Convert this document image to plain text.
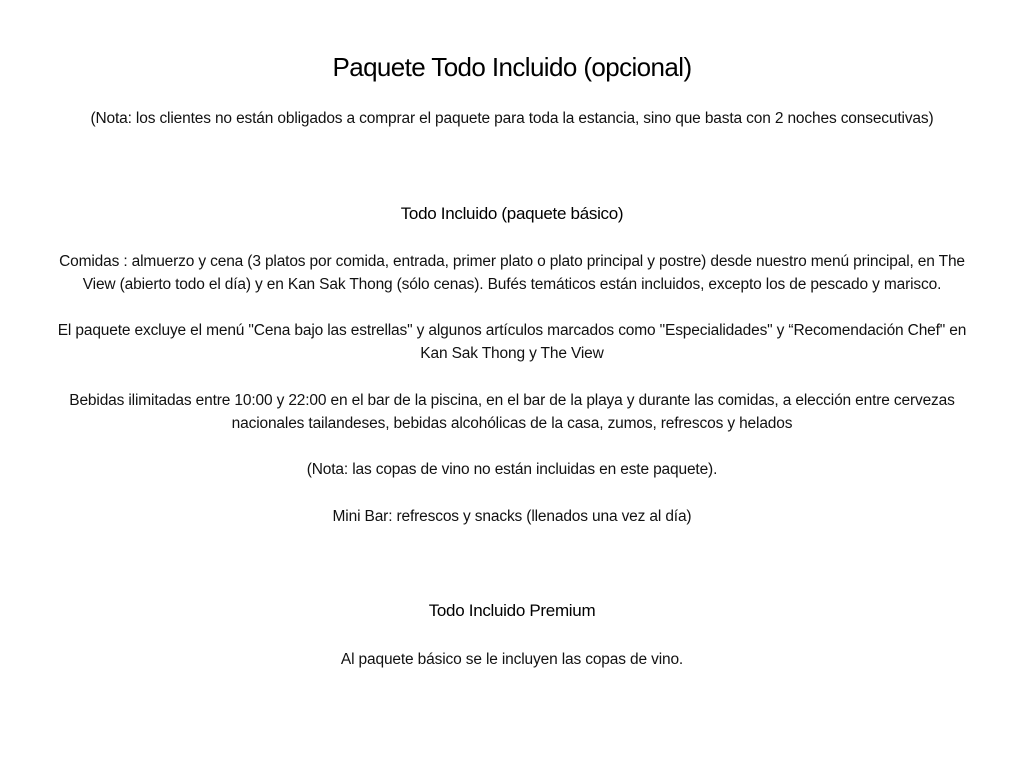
Paquete Todo Incluido (opcional)
(Nota: los clientes no están obligados a comprar el paquete para toda la estancia, sino que basta con 2 noches consecutivas)
Todo Incluido (paquete básico)
Comidas : almuerzo y cena (3 platos por comida, entrada, primer plato o plato principal y postre) desde nuestro menú principal, en The
View (abierto todo el día) y en Kan Sak Thong (sólo cenas). Bufés temáticos están incluidos, excepto los de pescado y marisco.
El paquete excluye el menú "Cena bajo las estrellas" y algunos artículos marcados como "Especialidades" y “Recomendación Chef" en
Kan Sak Thong y The View
Bebidas ilimitadas entre 10:00 y 22:00 en el bar de la piscina, en el bar de la playa y durante las comidas, a elección entre cervezas
nacionales tailandeses, bebidas alcohólicas de la casa, zumos, refrescos y helados
(Nota: las copas de vino no están incluidas en este paquete).
Mini Bar: refrescos y snacks (llenados una vez al día)
Todo Incluido Premium
Al paquete básico se le incluyen las copas de vino.
